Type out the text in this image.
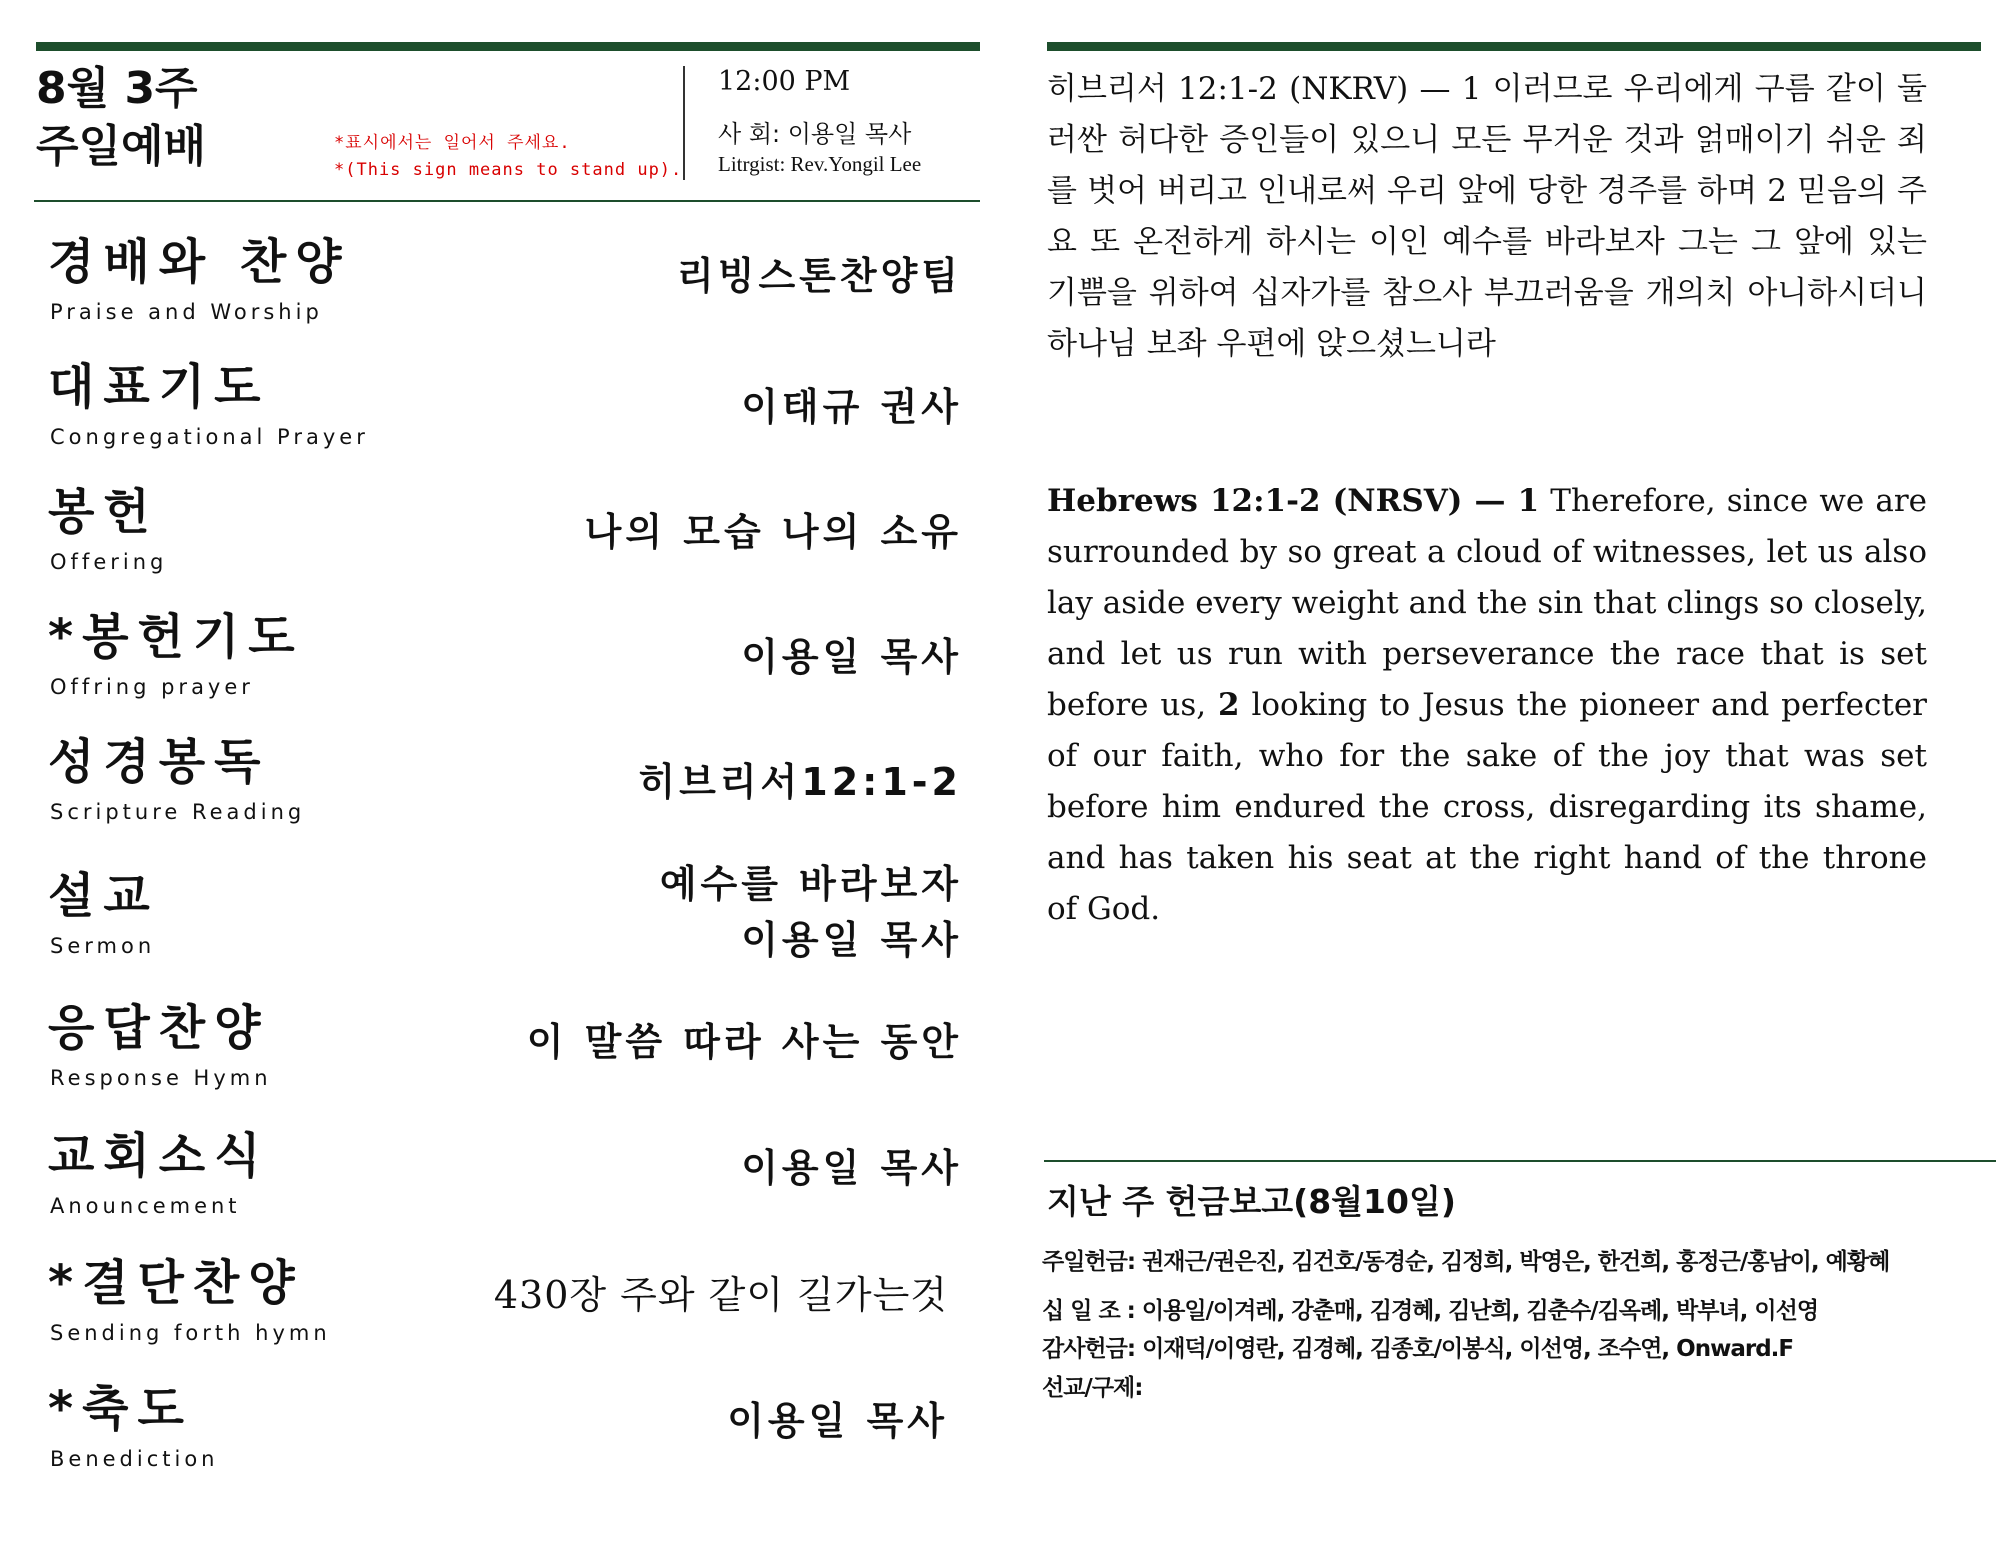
8월 3주
주일예배	*표시에서는 일어서 주세요.
*(This sign means to stand up).
12:00 PM
사 회: 이용일 목사
Litrgist: Rev.Yongil Lee
경배와 찬양
Praise and Worship
리빙스톤찬양팀
대표기도
Congregational Prayer
이태규 권사
봉헌
Offering
나의 모습 나의 소유
*봉헌기도
Offring prayer
이용일 목사
성경봉독
Scripture Reading
히브리서12:1-2
설교
Sermon
예수를 바라보자
이용일 목사
응답찬양
Response Hymn
이 말씀 따라 사는 동안
교회소식
Anouncement
이용일 목사
*결단찬양
Sending forth hymn
430장 주와 같이 길가는것
*축도
Benediction
이용일 목사
히브리서 12:1-2 (NKRV) — 1 이러므로 우리에게 구름 같이 둘러싼 허다한 증인들이 있으니 모든 무거운 것과 얽매이기 쉬운 죄를 벗어 버리고 인내로써 우리 앞에 당한 경주를 하며 2 믿음의 주요 또 온전하게 하시는 이인 예수를 바라보자 그는 그 앞에 있는 기쁨을 위하여 십자가를 참으사 부끄러움을 개의치 아니하시더니 하나님 보좌 우편에 앉으셨느니라
Hebrews 12:1-2 (NRSV) — 1 Therefore, since we are surrounded by so great a cloud of witnesses, let us also lay aside every weight and the sin that clings so closely, and let us run with perseverance the race that is set before us, 2 looking to Jesus the pioneer and perfecter of our faith, who for the sake of the joy that was set before him endured the cross, disregarding its shame, and has taken his seat at the right hand of the throne of God.
지난 주 헌금보고(8월10일)
주일헌금: 권재근/권은진, 김건호/동경순, 김정희, 박영은, 한건희, 홍정근/홍남이, 예황혜
십 일 조 : 이용일/이겨레, 강춘매, 김경혜, 김난희, 김춘수/김옥례, 박부녀, 이선영
감사헌금: 이재덕/이영란, 김경혜, 김종호/이봉식, 이선영, 조수연, Onward.F
선교/구제:
